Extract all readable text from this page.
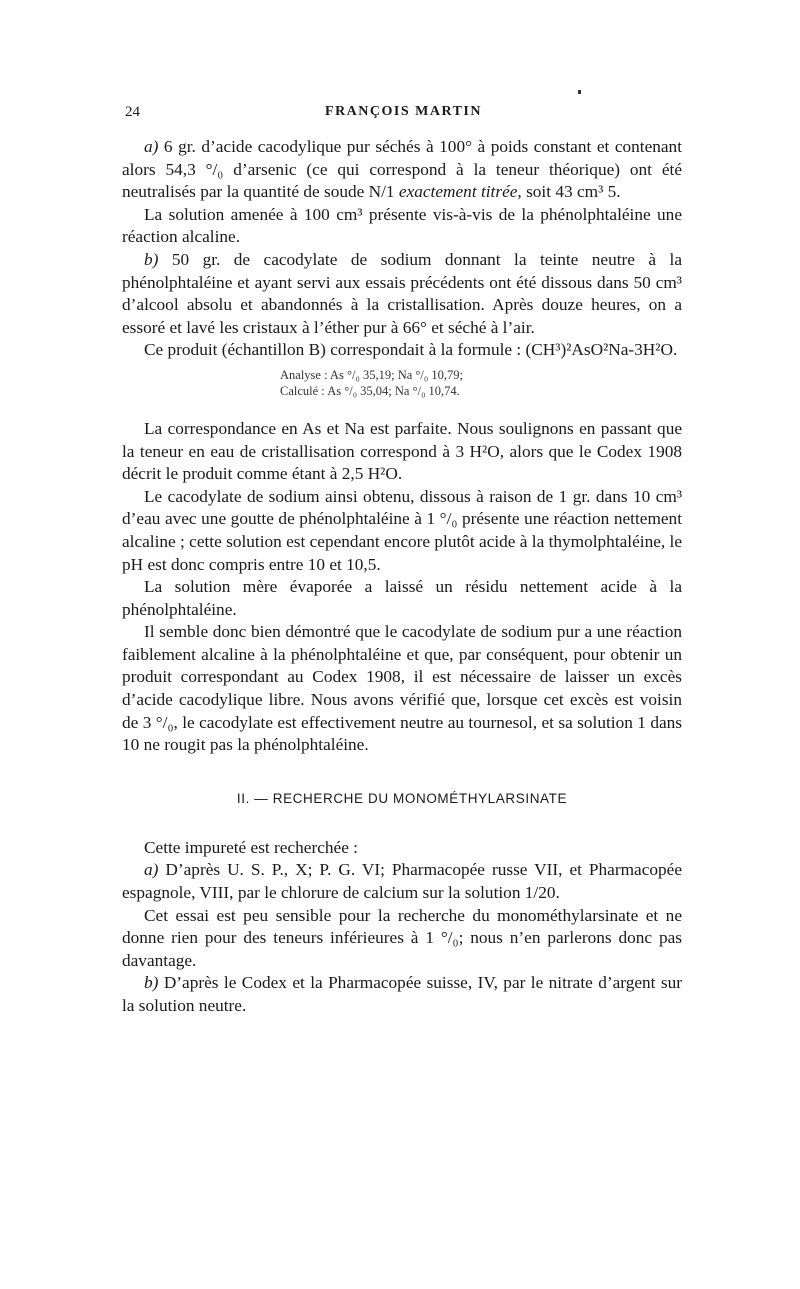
24	FRANÇOIS MARTIN

a) 6 gr. d’acide cacodylique pur séchés à 100° à poids constant et contenant alors 54,3 °/₀ d’arsenic (ce qui correspond à la teneur théorique) ont été neutralisés par la quantité de soude N/1 exactement titrée, soit 43 cm³ 5.

La solution amenée à 100 cm³ présente vis-à-vis de la phénolphtaléine une réaction alcaline.

b) 50 gr. de cacodylate de sodium donnant la teinte neutre à la phénolphtaléine et ayant servi aux essais précédents ont été dissous dans 50 cm³ d’alcool absolu et abandonnés à la cristallisation. Après douze heures, on a essoré et lavé les cristaux à l’éther pur à 66° et séché à l’air.

Ce produit (échantillon B) correspondait à la formule : (CH³)²AsO²Na-3H²O.

Analyse : As °/₀ 35,19; Na °/₀ 10,79;
Calculé : As °/₀ 35,04; Na °/₀ 10,74.

La correspondance en As et Na est parfaite. Nous soulignons en passant que la teneur en eau de cristallisation correspond à 3 H²O, alors que le Codex 1908 décrit le produit comme étant à 2,5 H²O.

Le cacodylate de sodium ainsi obtenu, dissous à raison de 1 gr. dans 10 cm³ d’eau avec une goutte de phénolphtaléine à 1 °/₀ présente une réaction nettement alcaline ; cette solution est cependant encore plutôt acide à la thymolphtaléine, le pH est donc compris entre 10 et 10,5.

La solution mère évaporée a laissé un résidu nettement acide à la phénolphtaléine.

Il semble donc bien démontré que le cacodylate de sodium pur a une réaction faiblement alcaline à la phénolphtaléine et que, par conséquent, pour obtenir un produit correspondant au Codex 1908, il est nécessaire de laisser un excès d’acide cacodylique libre. Nous avons vérifié que, lorsque cet excès est voisin de 3 °/₀, le cacodylate est effectivement neutre au tournesol, et sa solution 1 dans 10 ne rougit pas la phénolphtaléine.

II. — RECHERCHE DU MONOMÉTHYLARSINATE

Cette impureté est recherchée :

a) D’après U. S. P., X; P. G. VI; Pharmacopée russe VII, et Pharmacopée espagnole, VIII, par le chlorure de calcium sur la solution 1/20.

Cet essai est peu sensible pour la recherche du monométhylarsinate et ne donne rien pour des teneurs inférieures à 1 °/₀; nous n’en parlerons donc pas davantage.

b) D’après le Codex et la Pharmacopée suisse, IV, par le nitrate d’argent sur la solution neutre.
